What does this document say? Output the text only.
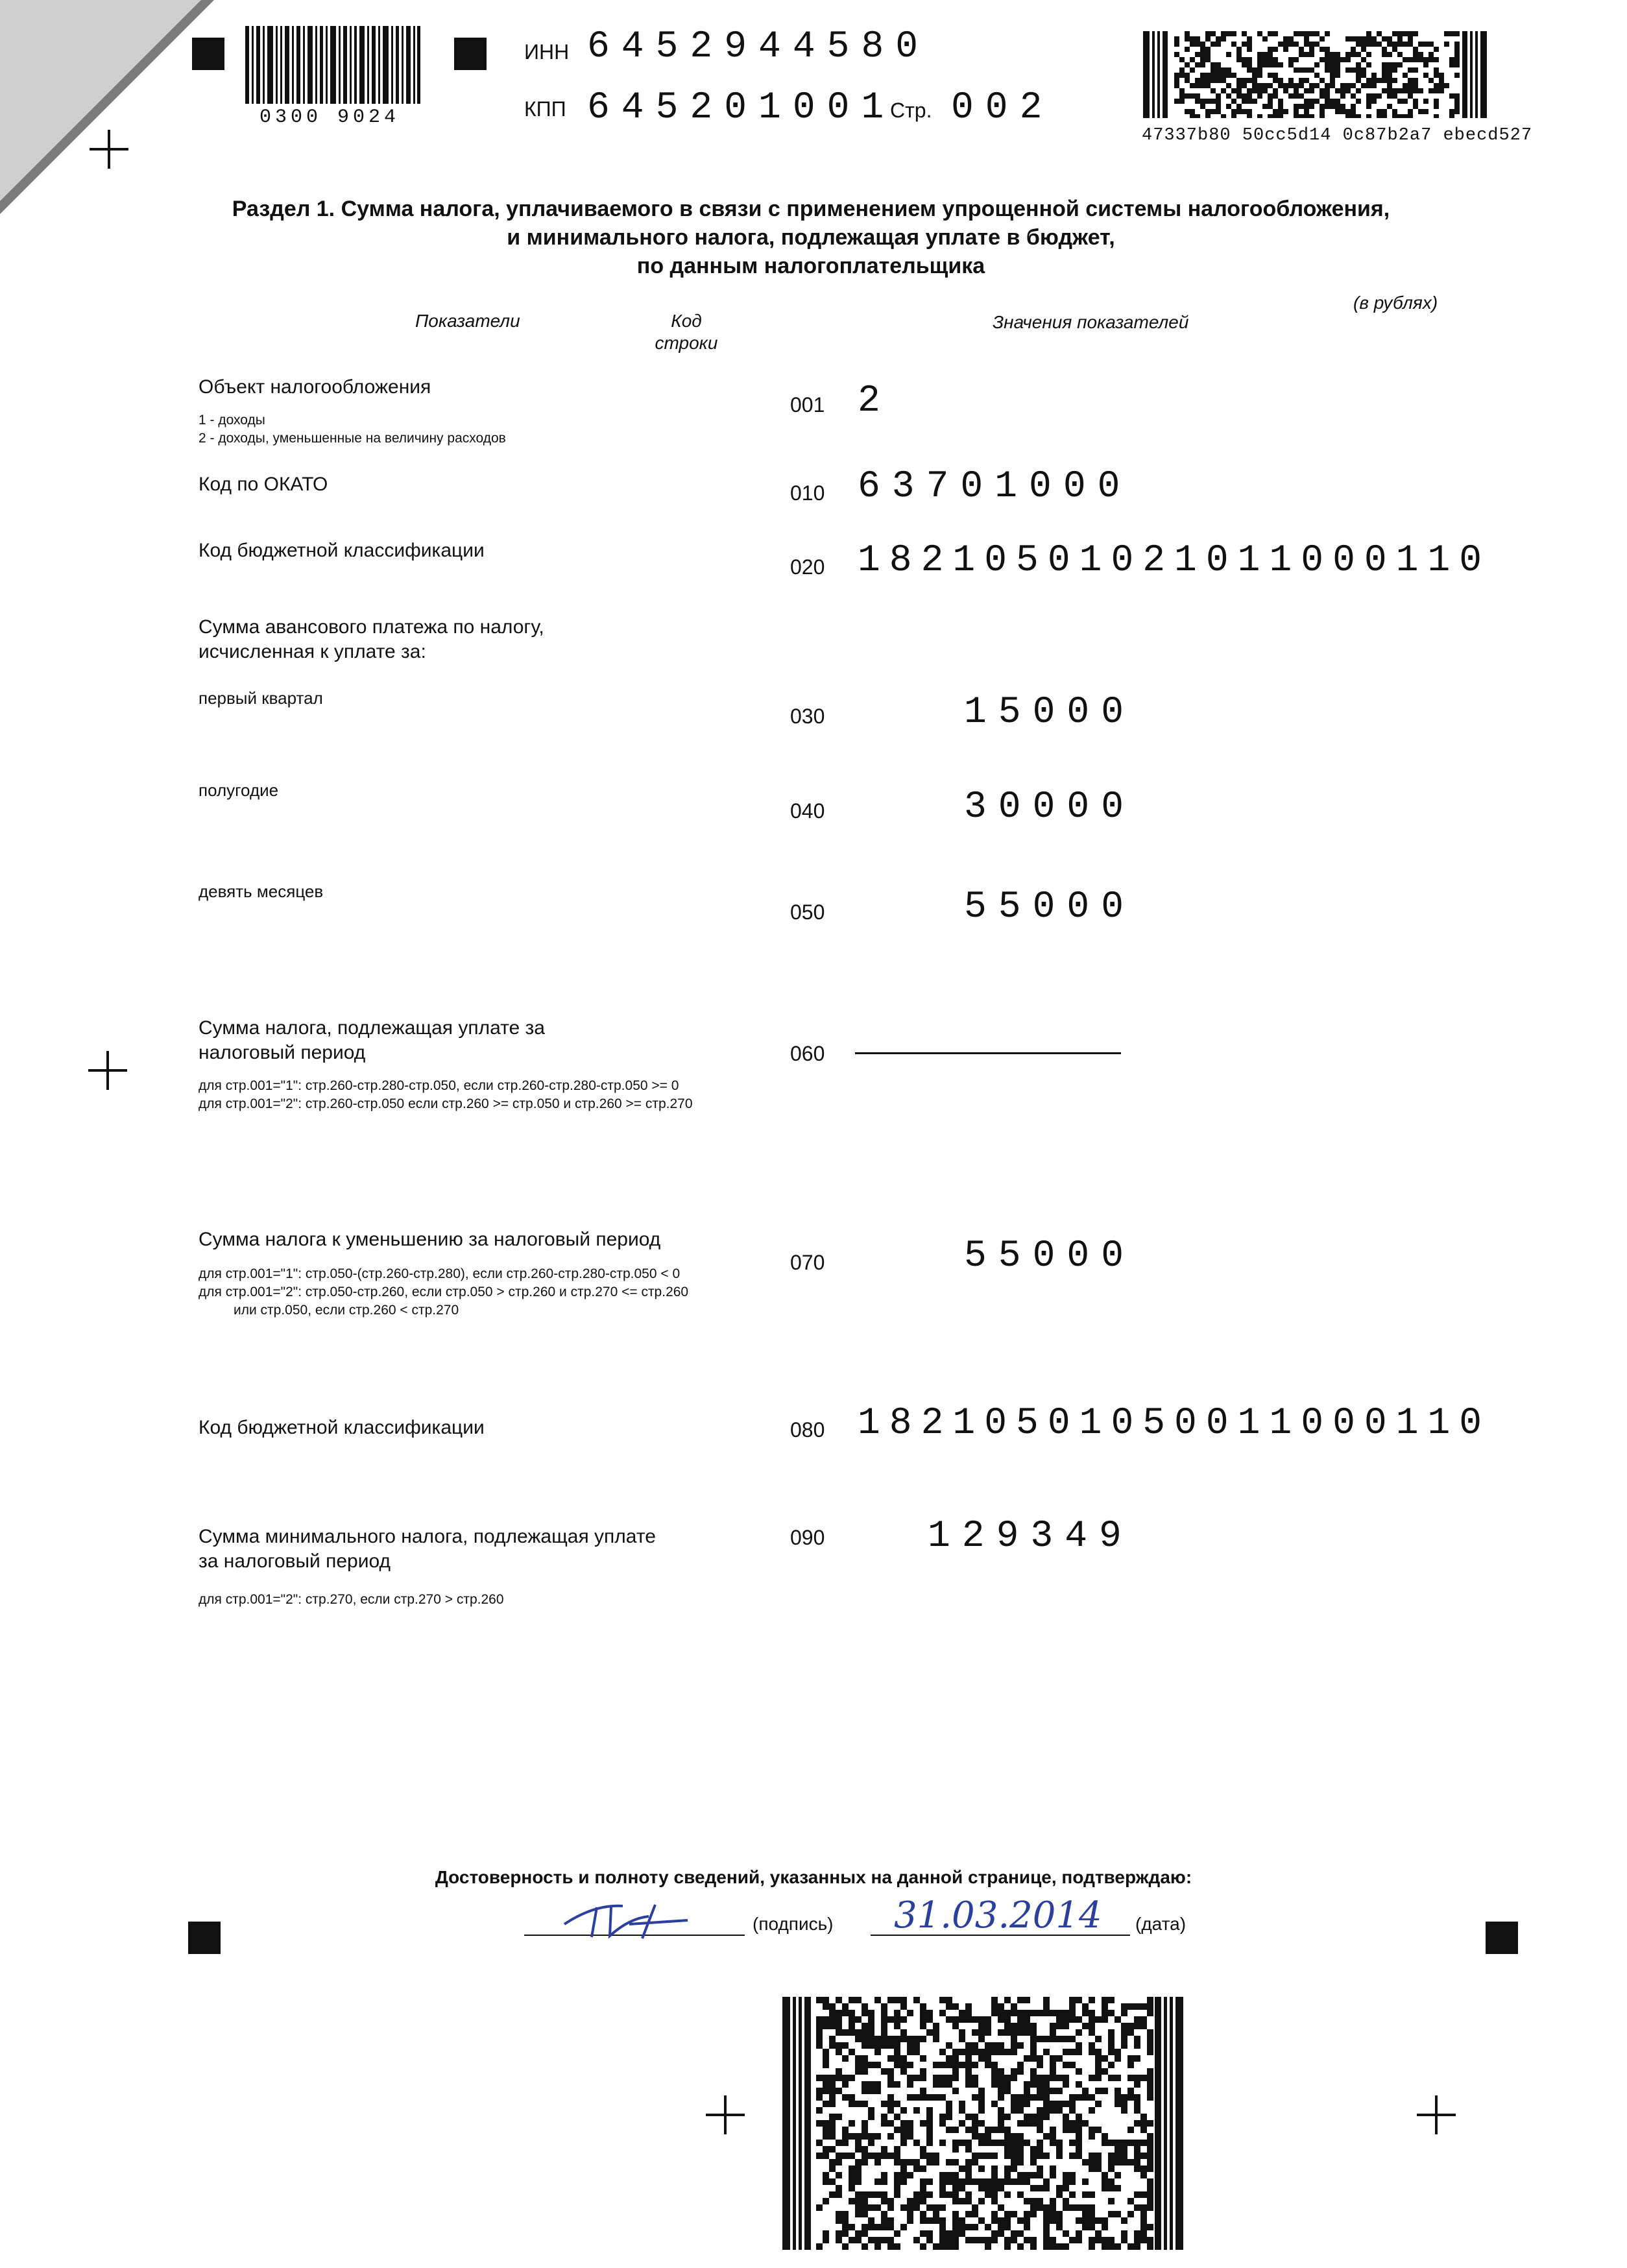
0300 9024
ИНН 6452944580
КПП 645201001
Стр. 002
47337b80 50cc5d14 0c87b2a7 ebecd527
Раздел 1. Сумма налога, уплачиваемого в связи с применением упрощенной системы налогообложения,
и минимального налога, подлежащая уплате в бюджет,
по данным налогоплательщика
(в рублях)
Показатели	Код
строки
Значения показателей
Объект налогообложения
1 - доходы
2 - доходы, уменьшенные на величину расходов
001 2
Код по ОКАТО	010 63701000
Код бюджетной классификации
020 18210501021011000110
Сумма авансового платежа по налогу,
исчисленная к уплате за:
первый квартал
030	15000
полугодие
040	30000
девять месяцев
050	55000
Сумма налога, подлежащая уплате за
налоговый период
для стр.001="1": стр.260-стр.280-стр.050, если стр.260-стр.280-стр.050 >= 0
для стр.001="2": стр.260-стр.050 если стр.260 >= стр.050 и стр.260 >= стр.270
060
Сумма налога к уменьшению за налоговый период
для стр.001="1": стр.050-(стр.260-стр.280), если стр.260-стр.280-стр.050 < 0
для стр.001="2": стр.050-стр.260, если стр.050 > стр.260 и стр.270 <= стр.260
или стр.050, если стр.260 < стр.270
070	55000
Код бюджетной классификации	080 18210501050011000110
Сумма минимального налога, подлежащая уплате
за налоговый период
для стр.001="2": стр.270, если стр.270 > стр.260
090	129349
Достоверность и полноту сведений, указанных на данной странице, подтверждаю:
(подпись) 31.03.2014 (дата)
